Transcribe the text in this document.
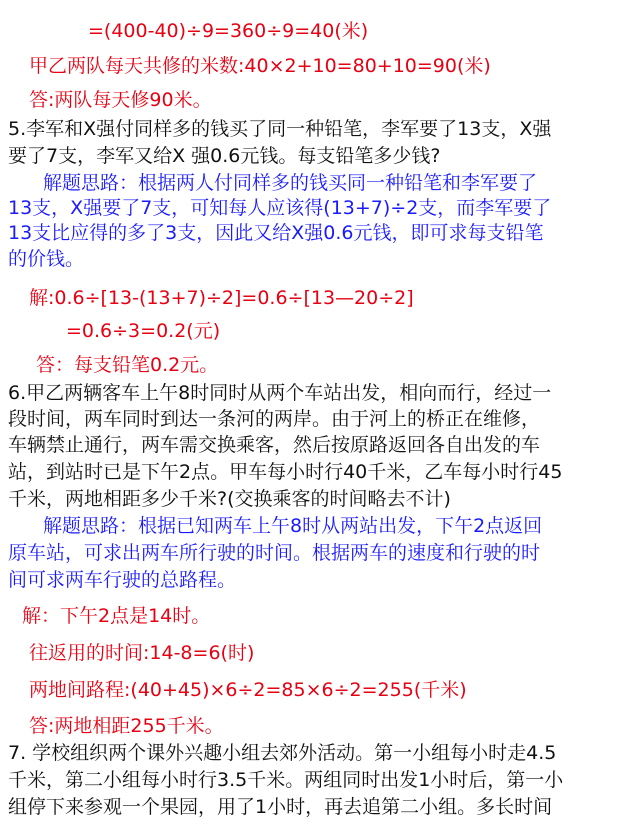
=(400-40)÷9=360÷9=40(米)
甲乙两队每天共修的米数:40×2+10=80+10=90(米)
答:两队每天修90米。
5.李军和X强付同样多的钱买了同一种铅笔，李军要了13支，X强
要了7支，李军又给X 强0.6元钱。每支铅笔多少钱?
解题思路：根据两人付同样多的钱买同一种铅笔和李军要了
13支，X强要了7支，可知每人应该得(13+7)÷2支，而李军要了
13支比应得的多了3支，因此又给X强0.6元钱，即可求每支铅笔
的价钱。
解:0.6÷[13-(13+7)÷2]=0.6÷[13—20÷2]
=0.6÷3=0.2(元)
答：每支铅笔0.2元。
6.甲乙两辆客车上午8时同时从两个车站出发，相向而行，经过一
段时间，两车同时到达一条河的两岸。由于河上的桥正在维修，
车辆禁止通行，两车需交换乘客，然后按原路返回各自出发的车
站，到站时已是下午2点。甲车每小时行40千米，乙车每小时行45
千米，两地相距多少千米?(交换乘客的时间略去不计)
解题思路：根据已知两车上午8时从两站出发，下午2点返回
原车站，可求出两车所行驶的时间。根据两车的速度和行驶的时
间可求两车行驶的总路程。
解：下午2点是14时。
往返用的时间:14-8=6(时)
两地间路程:(40+45)×6÷2=85×6÷2=255(千米)
答:两地相距255千米。
7. 学校组织两个课外兴趣小组去郊外活动。第一小组每小时走4.5
千米，第二小组每小时行3.5千米。两组同时出发1小时后，第一小
组停下来参观一个果园，用了1小时，再去追第二小组。多长时间
